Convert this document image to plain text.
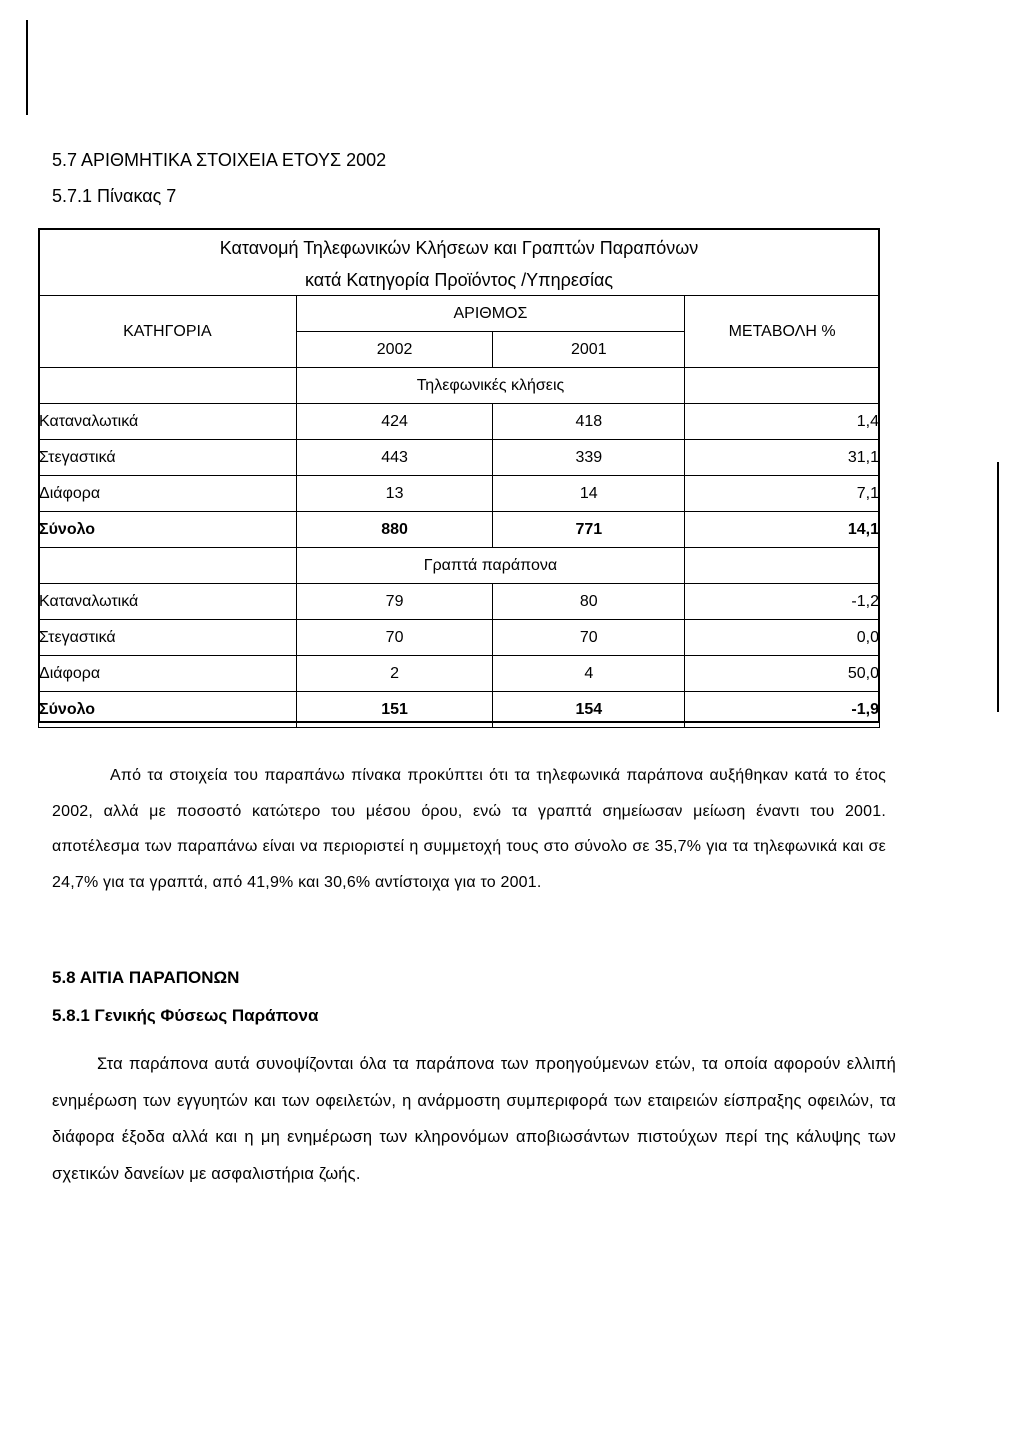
5.7 ΑΡΙΘΜΗΤΙΚΑ ΣΤΟΙΧΕΙΑ ΕΤΟΥΣ 2002
5.7.1 Πίνακας 7
Κατανομή Τηλεφωνικών Κλήσεων και Γραπτών Παραπόνων
κατά Κατηγορία Προϊόντος /Υπηρεσίας
ΚΑΤΗΓΟΡΙΑ	ΑΡΙΘΜΟΣ		ΜΕΤΑΒΟΛΗ %
	2002	2001	
	Τηλεφωνικές κλήσεις		
Καταναλωτικά	424	418	1,4
Στεγαστικά	443	339	31,1
Διάφορα	13	14	7,1
Σύνολο	880	771	14,1
	Γραπτά παράπονα		
Καταναλωτικά	79	80	-1,2
Στεγαστικά	70	70	0,0
Διάφορα	2	4	50,0
Σύνολο	151	154	-1,9
Από τα στοιχεία του παραπάνω πίνακα προκύπτει ότι τα τηλεφωνικά παράπονα αυξήθηκαν κατά το έτος 2002, αλλά με ποσοστό κατώτερο του μέσου όρου, ενώ τα γραπτά σημείωσαν μείωση έναντι του 2001. αποτέλεσμα των παραπάνω είναι να περιοριστεί η συμμετοχή τους στο σύνολο σε 35,7% για τα τηλεφωνικά και σε 24,7% για τα γραπτά, από 41,9% και 30,6% αντίστοιχα για το 2001.
5.8 ΑΙΤΙΑ ΠΑΡΑΠΟΝΩΝ
5.8.1 Γενικής Φύσεως Παράπονα
Στα παράπονα αυτά συνοψίζονται όλα τα παράπονα των προηγούμενων ετών, τα οποία αφορούν ελλιπή ενημέρωση των εγγυητών και των οφειλετών, η ανάρμοστη συμπεριφορά των εταιρειών είσπραξης οφειλών, τα διάφορα έξοδα αλλά και η μη ενημέρωση των κληρονόμων αποβιωσάντων πιστούχων περί της κάλυψης των σχετικών δανείων με ασφαλιστήρια ζωής.
